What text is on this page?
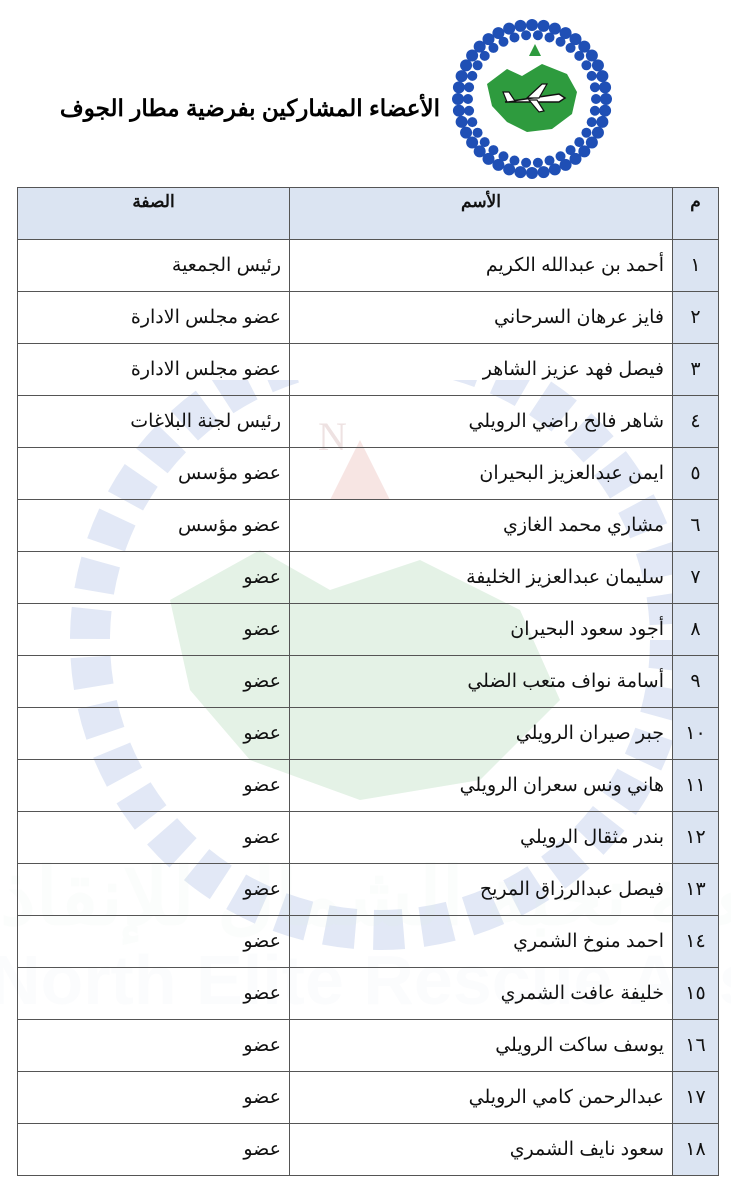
N
الأعضاء المشاركين بفرضية مطار الجوف
م	الأسم	الصفة
١	أحمد بن عبدالله الكريم	رئيس الجمعية
٢	فايز عرهان السرحاني	عضو مجلس الادارة
٣	فيصل فهد عزيز الشاهر	عضو مجلس الادارة
٤	شاهر فالح راضي الرويلي	رئيس لجنة البلاغات
٥	ايمن عبدالعزيز البحيران	عضو مؤسس
٦	مشاري محمد الغازي	عضو مؤسس
٧	سليمان عبدالعزيز الخليفة	عضو
٨	أجود سعود البحيران	عضو
٩	أسامة نواف متعب الضلي	عضو
١٠	جبر صيران الرويلي	عضو
١١	هاني ونس سعران الرويلي	عضو
١٢	بندر مثقال الرويلي	عضو
١٣	فيصل عبدالرزاق المريح	عضو
١٤	احمد منوخ الشمري	عضو
١٥	خليفة عافت الشمري	عضو
١٦	يوسف ساكت الرويلي	عضو
١٧	عبدالرحمن كامي الرويلي	عضو
١٨	سعود نايف الشمري	عضو
